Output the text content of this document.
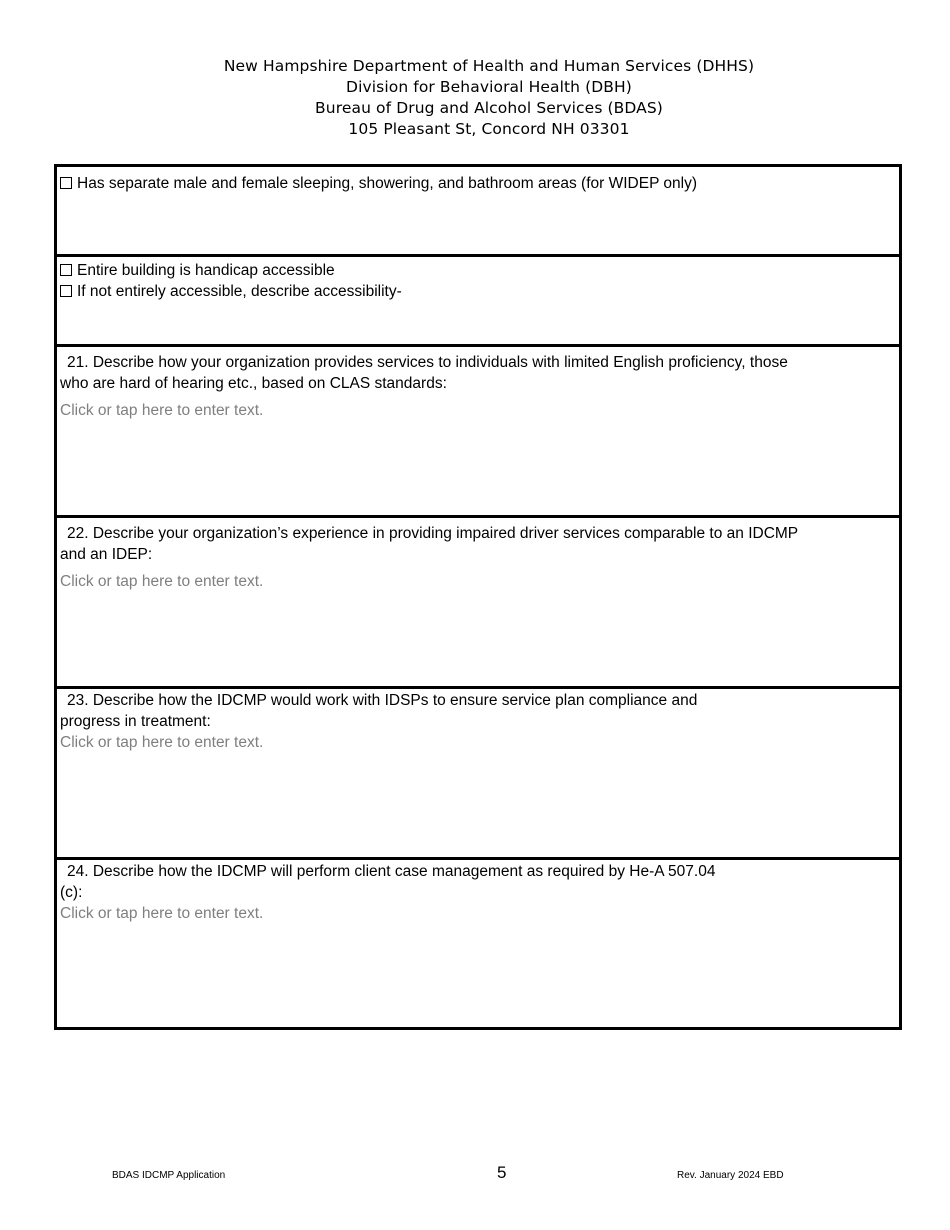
New Hampshire Department of Health and Human Services (DHHS)
Division for Behavioral Health (DBH)
Bureau of Drug and Alcohol Services (BDAS)
105 Pleasant St, Concord NH 03301
Has separate male and female sleeping, showering, and bathroom areas (for WIDEP only)
Entire building is handicap accessible
If not entirely accessible, describe accessibility-
21. Describe how your organization provides services to individuals with limited English proficiency, those
who are hard of hearing etc., based on CLAS standards:
Click or tap here to enter text.
22. Describe your organization’s experience in providing impaired driver services comparable to an IDCMP
and an IDEP:
Click or tap here to enter text.
23. Describe how the IDCMP would work with IDSPs to ensure service plan compliance and
progress in treatment:
Click or tap here to enter text.
24. Describe how the IDCMP will perform client case management as required by He-A 507.04
(c):
Click or tap here to enter text.
BDAS IDCMP Application	5	Rev. January 2024 EBD
